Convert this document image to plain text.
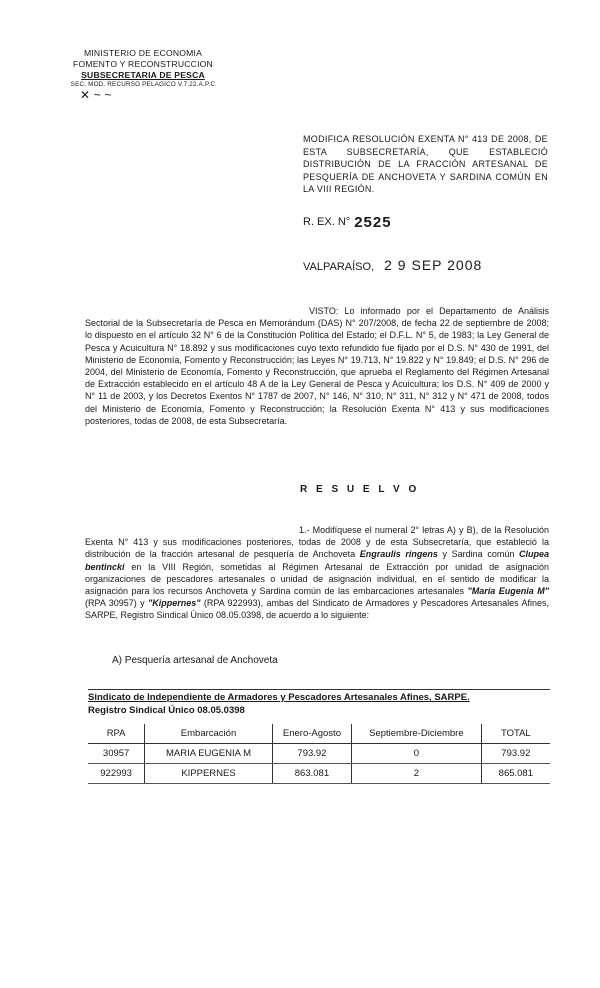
MINISTERIO DE ECONOMIA
FOMENTO Y RECONSTRUCCION
SUBSECRETARIA DE PESCA
SEC. MOD. RECURSO PELAGICO V.7.22.A.P.C
✕ ~ ~
MODIFICA RESOLUCIÓN EXENTA N° 413 DE 2008, DE ESTA SUBSECRETARÍA, QUE ESTABLECIÓ DISTRIBUCIÓN DE LA FRACCIÓN ARTESANAL DE PESQUERÍA DE ANCHOVETA Y SARDINA COMÚN EN LA VIII REGIÓN.
R. EX. N° 2525
VALPARAÍSO, 2 9 SEP 2008
VISTO: Lo informado por el Departamento de Análisis Sectorial de la Subsecretaría de Pesca en Memorándum (DAS) N° 207/2008, de fecha 22 de septiembre de 2008; lo dispuesto en el artículo 32 N° 6 de la Constitución Política del Estado; el D.F.L. N° 5, de 1983; la Ley General de Pesca y Acuicultura N° 18.892 y sus modificaciones cuyo texto refundido fue fijado por el D.S. N° 430 de 1991, del Ministerio de Economía, Fomento y Reconstrucción; las Leyes N° 19.713, N° 19.822 y N° 19.849; el D.S. N° 296 de 2004, del Ministerio de Economía, Fomento y Reconstrucción, que aprueba el Reglamento del Régimen Artesanal de Extracción establecido en el artículo 48 A de la Ley General de Pesca y Acuicultura; los D.S. N° 409 de 2000 y N° 11 de 2003, y los Decretos Exentos N° 1787 de 2007, N° 146, N° 310, N° 311, N° 312 y N° 471 de 2008, todos del Ministerio de Economía, Fomento y Reconstrucción; la Resolución Exenta N° 413 y sus modificaciones posteriores, todas de 2008, de esta Subsecretaría.
R E S U E L V O
1.- Modifíquese el numeral 2° letras A) y B), de la Resolución Exenta N° 413 y sus modificaciones posteriores, todas de 2008 y de esta Subsecretaría, que estableció la distribución de la fracción artesanal de pesquería de Anchoveta Engraulis ringens y Sardina común Clupea bentincki en la VIII Región, sometidas al Régimen Artesanal de Extracción por unidad de asignación organizaciones de pescadores artesanales o unidad de asignación individual, en el sentido de modificar la asignación para los recursos Anchoveta y Sardina común de las embarcaciones artesanales "María Eugenia M" (RPA 30957) y "Kippernes" (RPA 922993), ambas del Sindicato de Armadores y Pescadores Artesanales Afines, SARPE, Registro Sindical Único 08.05.0398, de acuerdo a lo siguiente:
A) Pesquería artesanal de Anchoveta
Sindicato de Independiente de Armadores y Pescadores Artesanales Afines, SARPE.
Registro Sindical Único 08.05.0398
RPA	Embarcación	Enero-Agosto	Septiembre-Diciembre	TOTAL
30957	MARIA EUGENIA M	793.92	0	793.92
922993	KIPPERNES	863.081	2	865.081
